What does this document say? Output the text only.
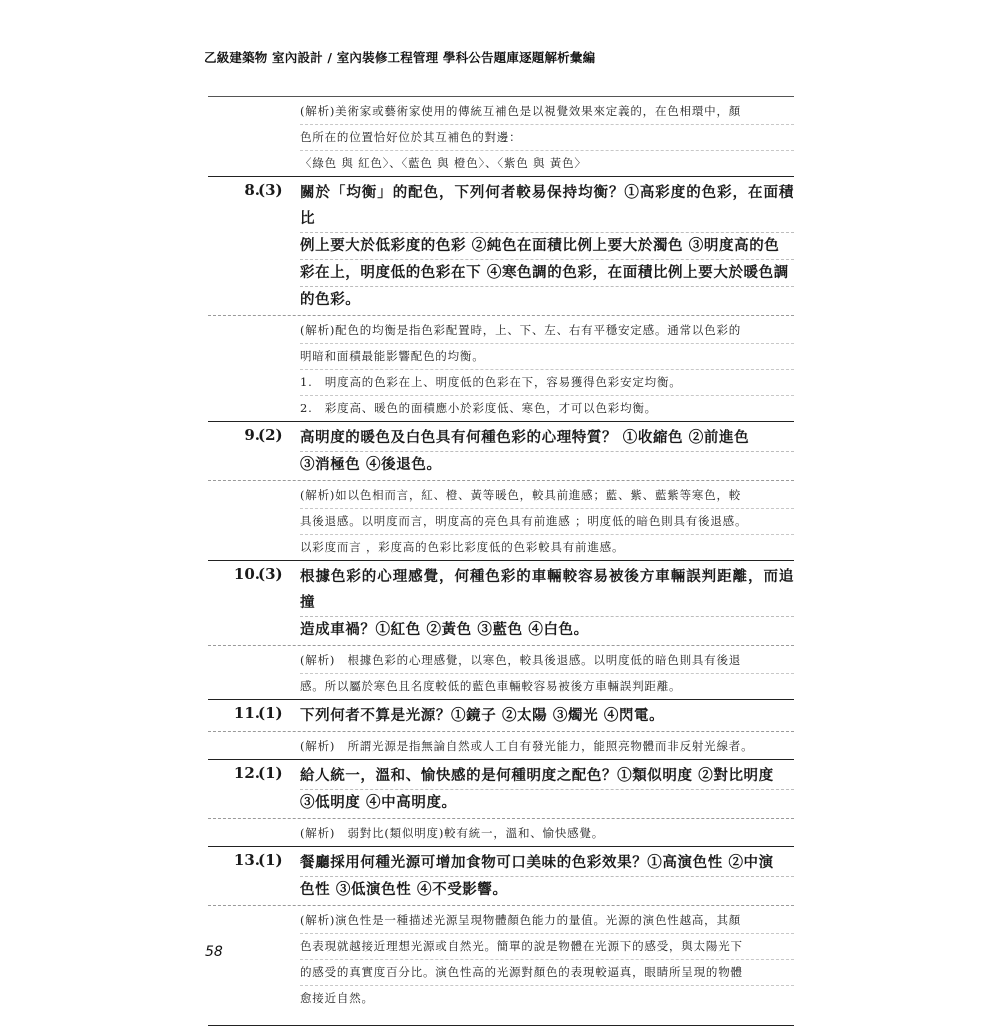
乙級建築物 室內設計 / 室內裝修工程管理 學科公告題庫逐題解析彙編
(解析)美術家或藝術家使用的傳統互補色是以視覺效果來定義的，在色相環中，顏
色所在的位置恰好位於其互補色的對邊：
〈綠色 與 紅色〉、〈藍色 與 橙色〉、〈紫色 與 黃色〉
8.
(3) 關於「均衡」的配色，下列何者較易保持均衡？①高彩度的色彩，在面積比
例上要大於低彩度的色彩 ②純色在面積比例上要大於濁色 ③明度高的色
彩在上，明度低的色彩在下 ④寒色調的色彩，在面積比例上要大於暖色調
的色彩。
(解析)配色的均衡是指色彩配置時，上、下、左、右有平穩安定感。通常以色彩的
明暗和面積最能影響配色的均衡。
1.　明度高的色彩在上、明度低的色彩在下，容易獲得色彩安定均衡。
2.　彩度高、暖色的面積應小於彩度低、寒色，才可以色彩均衡。
9.
(2) 高明度的暖色及白色具有何種色彩的心理特質？ ①收縮色 ②前進色
③消極色 ④後退色。
(解析)如以色相而言，紅、橙、黃等暖色，較具前進感；藍、紫、藍紫等寒色，較
具後退感。以明度而言，明度高的亮色具有前進感 ；明度低的暗色則具有後退感。
以彩度而言 ，彩度高的色彩比彩度低的色彩較具有前進感。
10.
(3) 根據色彩的心理感覺，何種色彩的車輛較容易被後方車輛誤判距離，而追撞
造成車禍？①紅色 ②黃色 ③藍色 ④白色。
(解析)　根據色彩的心理感覺，以寒色，較具後退感。以明度低的暗色則具有後退
感。所以屬於寒色且名度較低的藍色車輛較容易被後方車輛誤判距離。
11.
(1) 下列何者不算是光源？①鏡子 ②太陽 ③燭光 ④閃電。
(解析)　所謂光源是指無論自然或人工自有發光能力，能照亮物體而非反射光線者。
12.
(1) 給人統一，溫和、愉快感的是何種明度之配色？①類似明度 ②對比明度
③低明度 ④中高明度。
(解析)　弱對比(類似明度)較有統一，溫和、愉快感覺。
13.
(1) 餐廳採用何種光源可增加食物可口美味的色彩效果？①高演色性 ②中演
色性 ③低演色性 ④不受影響。
(解析)演色性是一種描述光源呈現物體顏色能力的量值。光源的演色性越高，其顏
色表現就越接近理想光源或自然光。簡單的說是物體在光源下的感受，與太陽光下
的感受的真實度百分比。演色性高的光源對顏色的表現較逼真，眼睛所呈現的物體
愈接近自然。
58
